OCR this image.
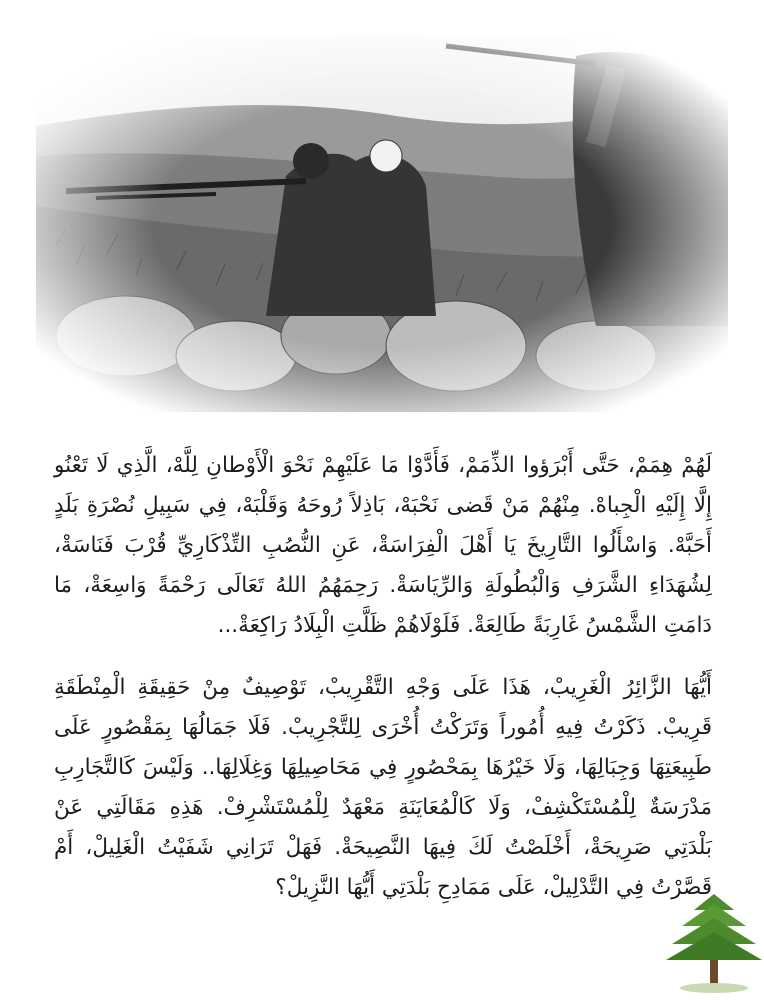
لَهُمْ هِمَمْ، حَتَّى أَبْرَؤوا الذِّمَمْ، فَأَدَّوْا مَا عَلَيْهِمْ نَحْوَ الْأَوْطانِ لِلَّهْ، الَّذِي لَا تَعْنُو إِلَّا إِلَيْهِ الْجِباهْ. مِنْهُمْ مَنْ قَضى نَحْبَهْ، بَاذِلاً رُوحَهُ وَقَلْبَهْ، فِي سَبِيلِ نُصْرَةِ بَلَدٍ أَحَبَّهْ. وَاسْأَلُوا التَّارِيخَ يَا أَهْلَ الْفِرَاسَةْ، عَنِ النُّصُبِ التِّذْكَارِيِّ قُرْبَ فَنَاسَةْ، لِشُهَدَاءِ الشَّرَفِ وَالْبُطُولَةِ وَالرِّيَاسَةْ. رَحِمَهُمُ اللهُ تَعَالَى رَحْمَةً وَاسِعَةْ، مَا دَامَتِ الشَّمْسُ غَارِبَةً طَالِعَةْ. فَلَوْلَاهُمْ ظَلَّتِ الْبِلَادُ رَاكِعَةْ...

أَيُّهَا الزَّائِرُ الْغَرِيبْ، هَذَا عَلَى وَجْهِ التَّقْرِيبْ، تَوْصِيفٌ مِنْ حَقِيقَةِ الْمِنْطَقَةِ قَرِيبْ. ذَكَرْتُ فِيهِ أُمُوراً وَتَرَكْتُ أُخْرَى لِلتَّجْرِيبْ. فَلَا جَمَالُهَا بِمَقْصُورٍ عَلَى طَبِيعَتِهَا وَجِبَالِهَا، وَلَا خَيْرُهَا بِمَحْصُورٍ فِي مَحَاصِيلِهَا وَغِلَالِهَا.. وَلَيْسَ كَالتَّجَارِبِ مَدْرَسَةٌ لِلْمُسْتَكْشِفْ، وَلَا كَالْمُعَايَنَةِ مَعْهَدٌ لِلْمُسْتَشْرِفْ. هَذِهِ مَقَالَتِي عَنْ بَلْدَتِي صَرِيحَةْ، أَخْلَصْتُ لَكَ فِيهَا النَّصِيحَةْ. فَهَلْ تَرَانِي شَفَيْتُ الْغَلِيلْ، أَمْ قَصَّرْتُ فِي التَّدْلِيلْ، عَلَى مَمَادِحِ بَلْدَتِي أَيُّهَا النَّزِيلْ؟
